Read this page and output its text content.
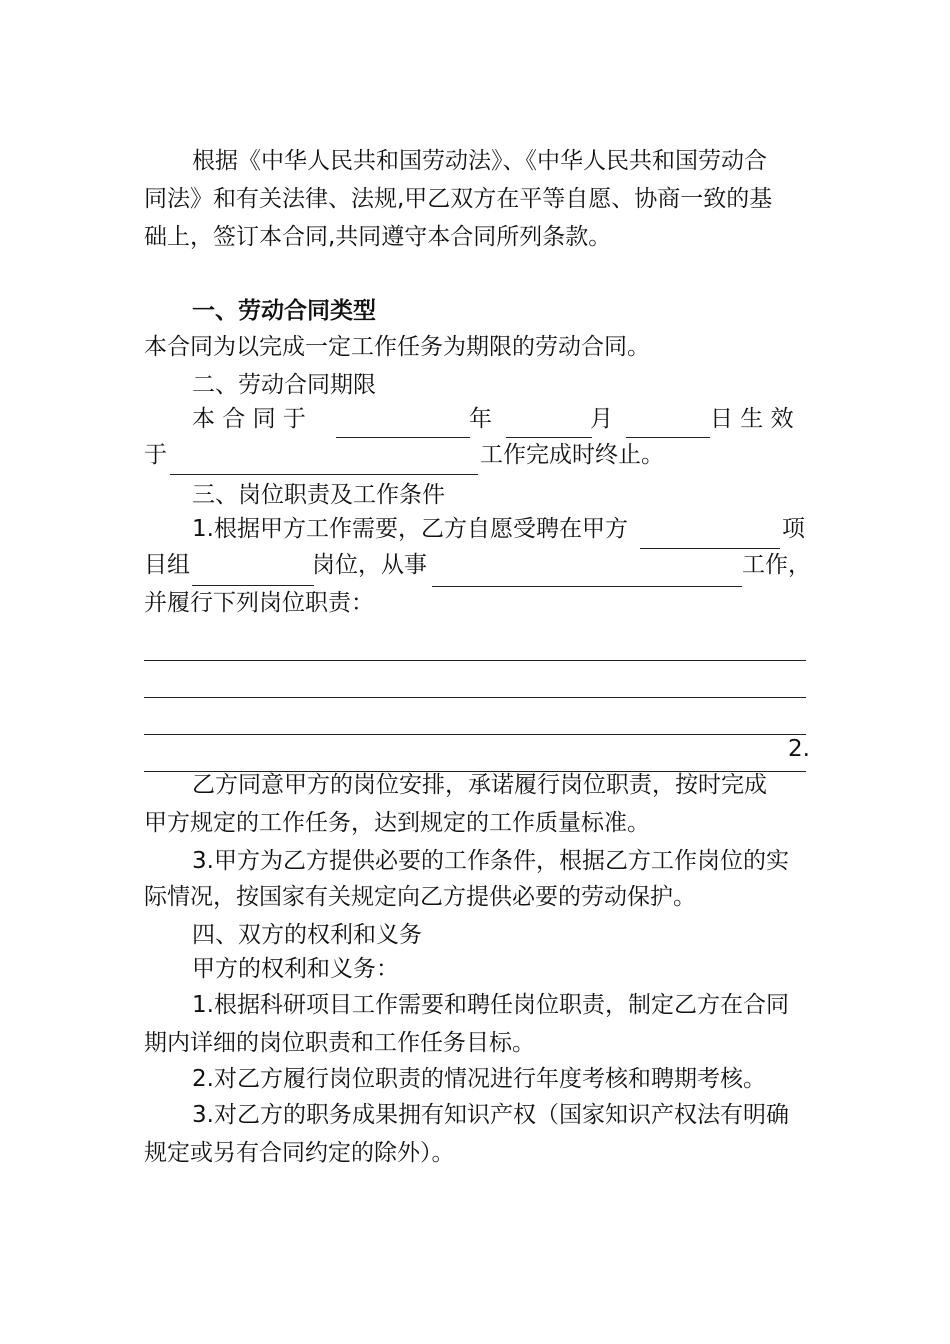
根据《中华人民共和国劳动法》、《中华人民共和国劳动合
同法》和有关法律、法规,甲乙双方在平等自愿、协商一致的基
础上，签订本合同,共同遵守本合同所列条款。
一、劳动合同类型
本合同为以完成一定工作任务为期限的劳动合同。
二、劳动合同期限
本 合 同 于	年	月	日 生 效
于	工作完成时终止。
三、岗位职责及工作条件
1.根据甲方工作需要，乙方自愿受聘在甲方	项
目组	岗位，从事	工作，
并履行下列岗位职责：
2.
乙方同意甲方的岗位安排，承诺履行岗位职责，按时完成
甲方规定的工作任务，达到规定的工作质量标准。
3.甲方为乙方提供必要的工作条件，根据乙方工作岗位的实
际情况，按国家有关规定向乙方提供必要的劳动保护。
四、双方的权利和义务
甲方的权利和义务：
1.根据科研项目工作需要和聘任岗位职责，制定乙方在合同
期内详细的岗位职责和工作任务目标。
2.对乙方履行岗位职责的情况进行年度考核和聘期考核。
3.对乙方的职务成果拥有知识产权（国家知识产权法有明确
规定或另有合同约定的除外）。
